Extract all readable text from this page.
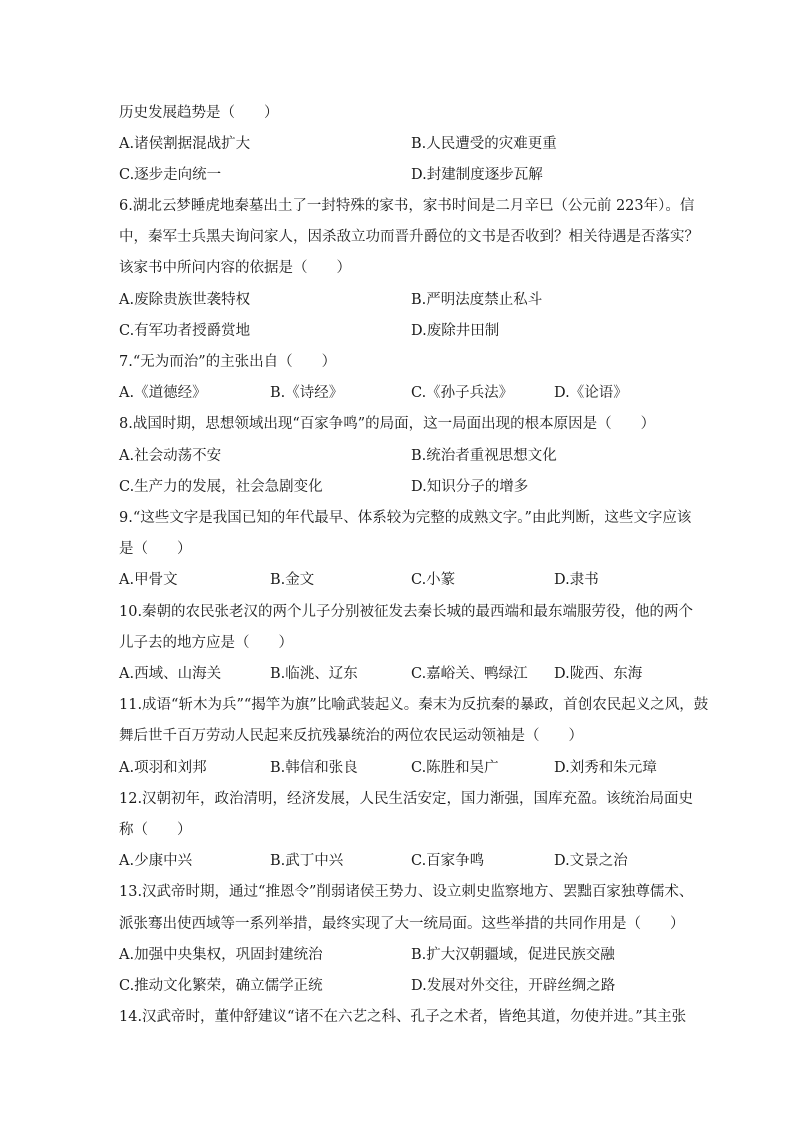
历史发展趋势是（　　）
A.诸侯割据混战扩大	B.人民遭受的灾难更重
C.逐步走向统一	D.封建制度逐步瓦解
6.湖北云梦睡虎地秦墓出土了一封特殊的家书，家书时间是二月辛巳（公元前 223年）。信
中，秦军士兵黑夫询问家人，因杀敌立功而晋升爵位的文书是否收到？相关待遇是否落实？
该家书中所问内容的依据是（　　）
A.废除贵族世袭特权	B.严明法度禁止私斗
C.有军功者授爵赏地	D.废除井田制
7.“无为而治”的主张出自（　　）
A.《道德经》	B.《诗经》	C.《孙子兵法》	D.《论语》
8.战国时期，思想领域出现“百家争鸣”的局面，这一局面出现的根本原因是（　　）
A.社会动荡不安	B.统治者重视思想文化
C.生产力的发展，社会急剧变化	D.知识分子的增多
9.“这些文字是我国已知的年代最早、体系较为完整的成熟文字。”由此判断，这些文字应该
是（　　）
A.甲骨文	B.金文	C.小篆	D.隶书
10.秦朝的农民张老汉的两个儿子分别被征发去秦长城的最西端和最东端服劳役，他的两个
儿子去的地方应是（　　）
A.西域、山海关	B.临洮、辽东	C.嘉峪关、鸭绿江 D.陇西、东海
11.成语“斩木为兵”“揭竿为旗”比喻武装起义。秦末为反抗秦的暴政，首创农民起义之风，鼓
舞后世千百万劳动人民起来反抗残暴统治的两位农民运动领袖是（　　）
A.项羽和刘邦	B.韩信和张良	C.陈胜和吴广	D.刘秀和朱元璋
12.汉朝初年，政治清明，经济发展，人民生活安定，国力渐强，国库充盈。该统治局面史
称（　　）
A.少康中兴	B.武丁中兴	C.百家争鸣	D.文景之治
13.汉武帝时期，通过“推恩令”削弱诸侯王势力、设立刺史监察地方、罢黜百家独尊儒术、
派张骞出使西域等一系列举措，最终实现了大一统局面。这些举措的共同作用是（　　）
A.加强中央集权，巩固封建统治	B.扩大汉朝疆域，促进民族交融
C.推动文化繁荣，确立儒学正统	D.发展对外交往，开辟丝绸之路
14.汉武帝时，董仲舒建议“诸不在六艺之科、孔子之术者，皆绝其道，勿使并进。”其主张
